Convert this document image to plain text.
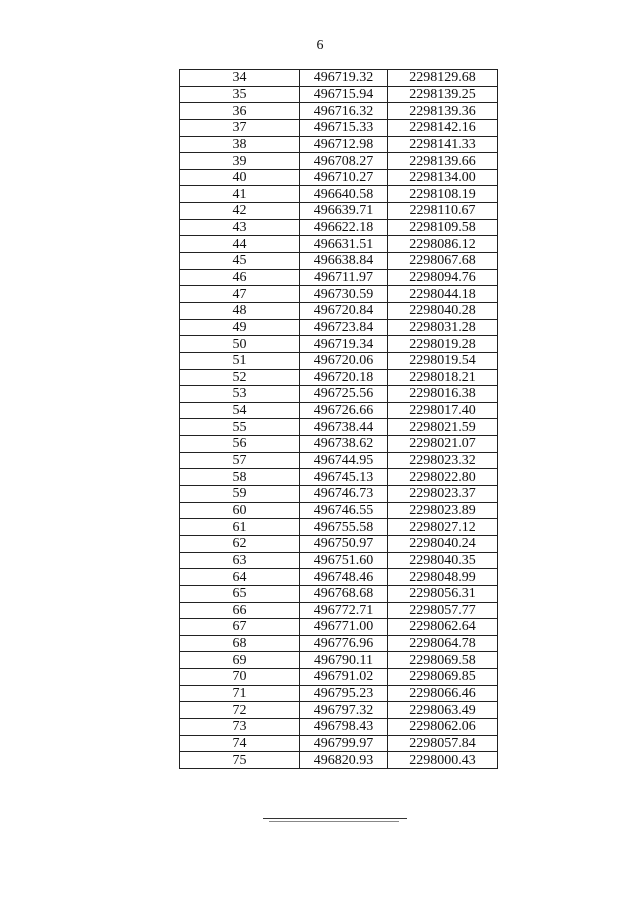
6
34	496719.32	2298129.68
35	496715.94	2298139.25
36	496716.32	2298139.36
37	496715.33	2298142.16
38	496712.98	2298141.33
39	496708.27	2298139.66
40	496710.27	2298134.00
41	496640.58	2298108.19
42	496639.71	2298110.67
43	496622.18	2298109.58
44	496631.51	2298086.12
45	496638.84	2298067.68
46	496711.97	2298094.76
47	496730.59	2298044.18
48	496720.84	2298040.28
49	496723.84	2298031.28
50	496719.34	2298019.28
51	496720.06	2298019.54
52	496720.18	2298018.21
53	496725.56	2298016.38
54	496726.66	2298017.40
55	496738.44	2298021.59
56	496738.62	2298021.07
57	496744.95	2298023.32
58	496745.13	2298022.80
59	496746.73	2298023.37
60	496746.55	2298023.89
61	496755.58	2298027.12
62	496750.97	2298040.24
63	496751.60	2298040.35
64	496748.46	2298048.99
65	496768.68	2298056.31
66	496772.71	2298057.77
67	496771.00	2298062.64
68	496776.96	2298064.78
69	496790.11	2298069.58
70	496791.02	2298069.85
71	496795.23	2298066.46
72	496797.32	2298063.49
73	496798.43	2298062.06
74	496799.97	2298057.84
75	496820.93	2298000.43
